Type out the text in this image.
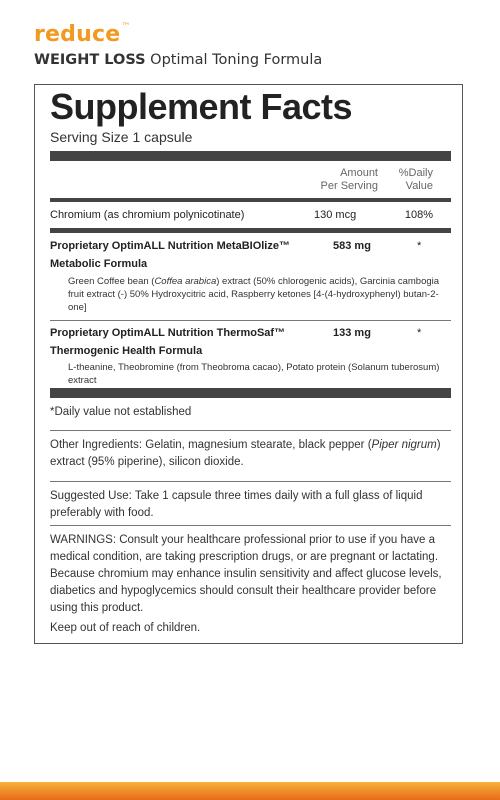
reduce™
WEIGHT LOSS Optimal Toning Formula
Supplement Facts
Serving Size 1 capsule
Amount
Per Serving
%Daily
Value
Chromium (as chromium polynicotinate)	130 mcg	108%
Proprietary OptimALL Nutrition MetaBIOlize™	583 mg	*
Metabolic Formula
Green Coffee bean (Coffea arabica) extract (50% chlorogenic acids), Garcinia cambogia fruit extract (-) 50% Hydroxycitric acid, Raspberry ketones [4-(4-hydroxyphenyl) butan-2-one]
Proprietary OptimALL Nutrition ThermoSaf™	133 mg	*
Thermogenic Health Formula
L-theanine, Theobromine (from Theobroma cacao), Potato protein (Solanum tuberosum) extract
*Daily value not established
Other Ingredients: Gelatin, magnesium stearate, black pepper (Piper nigrum) extract (95% piperine), silicon dioxide.
Suggested Use: Take 1 capsule three times daily with a full glass of liquid preferably with food.
WARNINGS: Consult your healthcare professional prior to use if you have a medical condition, are taking prescription drugs, or are pregnant or lactating. Because chromium may enhance insulin sensitivity and affect glucose levels, diabetics and hypoglycemics should consult their healthcare provider before using this product.
Keep out of reach of children.
